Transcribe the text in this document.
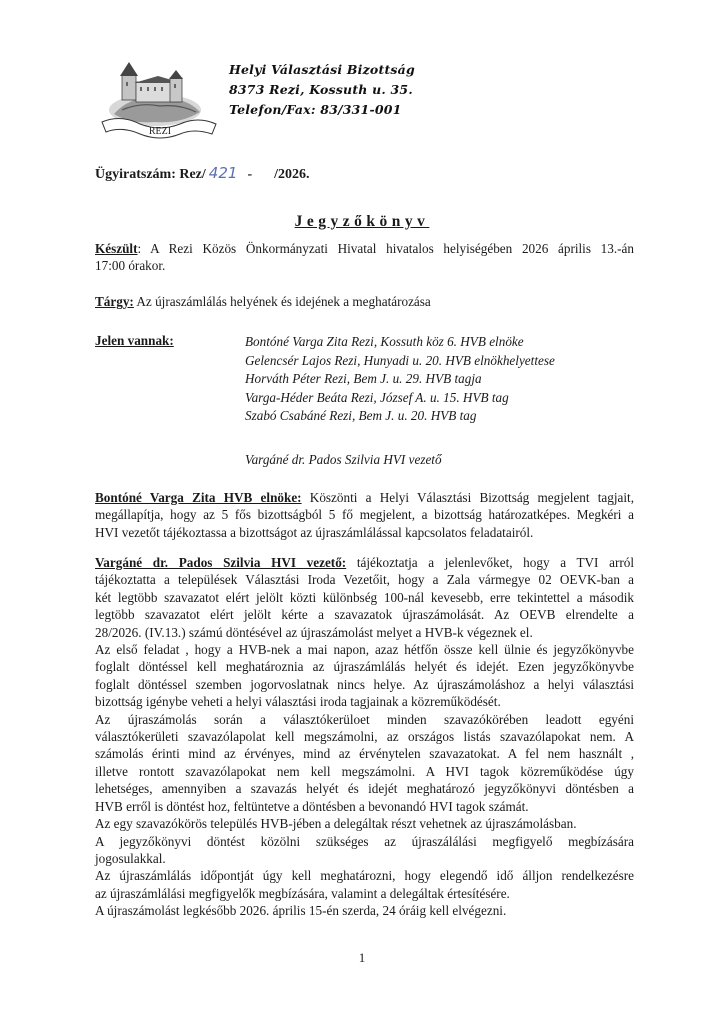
REZI
Helyi Választási Bizottság
8373 Rezi, Kossuth u. 35.
Telefon/Fax: 83/331-001
Ügyiratszám: Rez/ 421 - /2026.
Jegyzőkönyv
Készült: A Rezi Közös Önkormányzati Hivatal hivatalos helyiségében 2026 április 13.-án
17:00 órakor.
Tárgy: Az újraszámlálás helyének és idejének a meghatározása
Jelen vannak:	Bontóné Varga Zita Rezi, Kossuth köz 6. HVB elnöke
Gelencsér Lajos Rezi, Hunyadi u. 20. HVB elnökhelyettese
Horváth Péter Rezi, Bem J. u. 29. HVB tagja
Varga-Héder Beáta Rezi, József A. u. 15. HVB tag
Szabó Csabáné Rezi, Bem J. u. 20. HVB tag
Vargáné dr. Pados Szilvia HVI vezető
Bontóné Varga Zita HVB elnöke: Köszönti a Helyi Választási Bizottság megjelent tagjait,
megállapítja, hogy az 5 fős bizottságból 5 fő megjelent, a bizottság határozatképes. Megkéri a
HVI vezetőt tájékoztassa a bizottságot az újraszámlálással kapcsolatos feladatairól.
Vargáné dr. Pados Szilvia HVI vezető: tájékoztatja a jelenlevőket, hogy a TVI arról
tájékoztatta a települések Választási Iroda Vezetőit, hogy a Zala vármegye 02 OEVK-ban a
két legtöbb szavazatot elért jelölt közti különbség 100-nál kevesebb, erre tekintettel a második
legtöbb szavazatot elért jelölt kérte a szavazatok újraszámolását. Az OEVB elrendelte a
28/2026. (IV.13.) számú döntésével az újraszámolást melyet a HVB-k végeznek el.
Az első feladat , hogy a HVB-nek a mai napon, azaz hétfőn össze kell ülnie és jegyzőkönyvbe
foglalt döntéssel kell meghatároznia az újraszámlálás helyét és idejét. Ezen jegyzőkönyvbe
foglalt döntéssel szemben jogorvoslatnak nincs helye. Az újraszámoláshoz a helyi választási
bizottság igénybe veheti a helyi választási iroda tagjainak a közreműködését.
Az újraszámolás során a választókerüloet minden szavazókörében leadott egyéni
választókerületi szavazólapolat kell megszámolni, az országos listás szavazólapokat nem. A
számolás érinti mind az érvényes, mind az érvénytelen szavazatokat. A fel nem használt ,
illetve rontott szavazólapokat nem kell megszámolni. A HVI tagok közreműködése úgy
lehetséges, amennyiben a szavazás helyét és idejét meghatározó jegyzőkönyvi döntésben a
HVB erről is döntést hoz, feltüntetve a döntésben a bevonandó HVI tagok számát.
Az egy szavazókörös település HVB-jében a delegáltak részt vehetnek az újraszámolásban.
A jegyzőkönyvi döntést közölni szükséges az újraszálálási megfigyelő megbízására
jogosulakkal.
Az újraszámlálás időpontját úgy kell meghatározni, hogy elegendő idő álljon rendelkezésre
az újraszámlálási megfigyelők megbízására, valamint a delegáltak értesítésére.
A újraszámolást legkésőbb 2026. április 15-én szerda, 24 óráig kell elvégezni.
1
